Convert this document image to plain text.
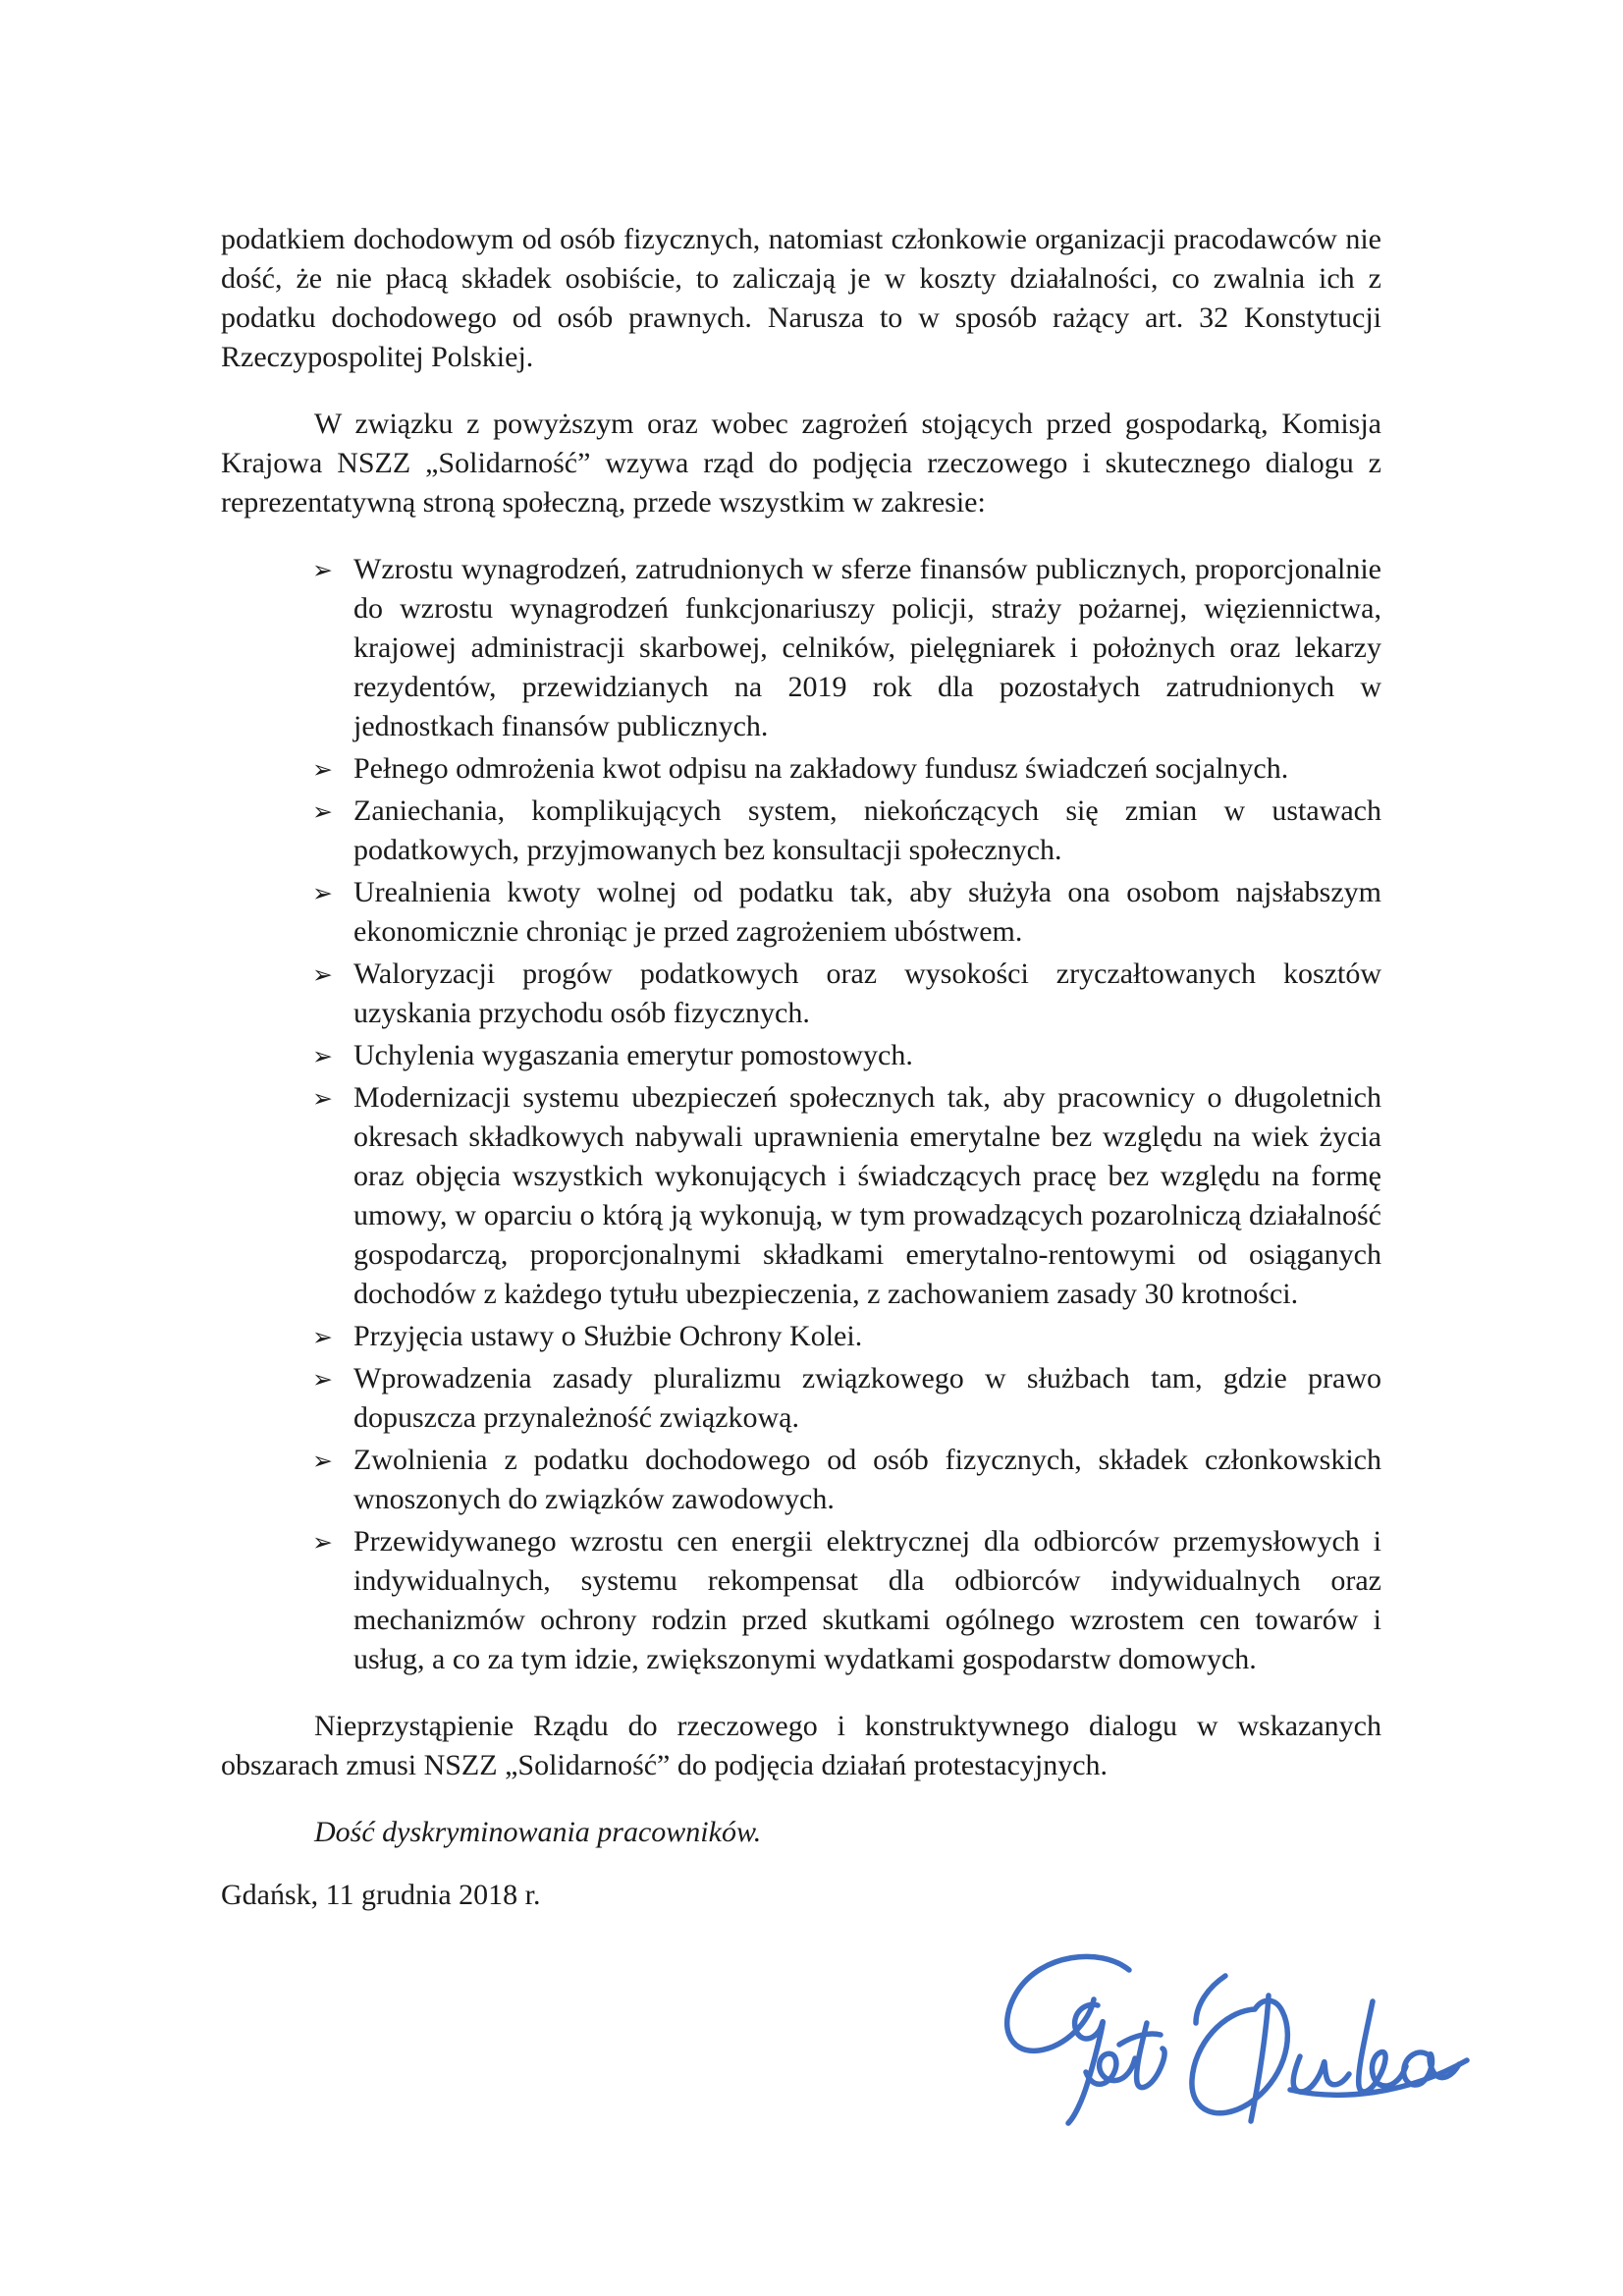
podatkiem dochodowym od osób fizycznych, natomiast członkowie organizacji pracodawców nie dość, że nie płacą składek osobiście, to zaliczają je w koszty działalności, co zwalnia ich z podatku dochodowego od osób prawnych. Narusza to w sposób rażący art. 32 Konstytucji Rzeczypospolitej Polskiej.

W związku z powyższym oraz wobec zagrożeń stojących przed gospodarką, Komisja Krajowa NSZZ „Solidarność” wzywa rząd do podjęcia rzeczowego i skutecznego dialogu z reprezentatywną stroną społeczną, przede wszystkim w zakresie:

➢ Wzrostu wynagrodzeń, zatrudnionych w sferze finansów publicznych, proporcjonalnie do wzrostu wynagrodzeń funkcjonariuszy policji, straży pożarnej, więziennictwa, krajowej administracji skarbowej, celników, pielęgniarek i położnych oraz lekarzy rezydentów, przewidzianych na 2019 rok dla pozostałych zatrudnionych w jednostkach finansów publicznych.
➢ Pełnego odmrożenia kwot odpisu na zakładowy fundusz świadczeń socjalnych.
➢ Zaniechania, komplikujących system, niekończących się zmian w ustawach podatkowych, przyjmowanych bez konsultacji społecznych.
➢ Urealnienia kwoty wolnej od podatku tak, aby służyła ona osobom najsłabszym ekonomicznie chroniąc je przed zagrożeniem ubóstwem.
➢ Waloryzacji progów podatkowych oraz wysokości zryczałtowanych kosztów uzyskania przychodu osób fizycznych.
➢ Uchylenia wygaszania emerytur pomostowych.
➢ Modernizacji systemu ubezpieczeń społecznych tak, aby pracownicy o długoletnich okresach składkowych nabywali uprawnienia emerytalne bez względu na wiek życia oraz objęcia wszystkich wykonujących i świadczących pracę bez względu na formę umowy, w oparciu o którą ją wykonują, w tym prowadzących pozarolniczą działalność gospodarczą, proporcjonalnymi składkami emerytalno-rentowymi od osiąganych dochodów z każdego tytułu ubezpieczenia, z zachowaniem zasady 30 krotności.
➢ Przyjęcia ustawy o Służbie Ochrony Kolei.
➢ Wprowadzenia zasady pluralizmu związkowego w służbach tam, gdzie prawo dopuszcza przynależność związkową.
➢ Zwolnienia z podatku dochodowego od osób fizycznych, składek członkowskich wnoszonych do związków zawodowych.
➢ Przewidywanego wzrostu cen energii elektrycznej dla odbiorców przemysłowych i indywidualnych, systemu rekompensat dla odbiorców indywidualnych oraz mechanizmów ochrony rodzin przed skutkami ogólnego wzrostem cen towarów i usług, a co za tym idzie, zwiększonymi wydatkami gospodarstw domowych.

Nieprzystąpienie Rządu do rzeczowego i konstruktywnego dialogu w wskazanych obszarach zmusi NSZZ „Solidarność” do podjęcia działań protestacyjnych.

Dość dyskryminowania pracowników.

Gdańsk, 11 grudnia 2018 r.
